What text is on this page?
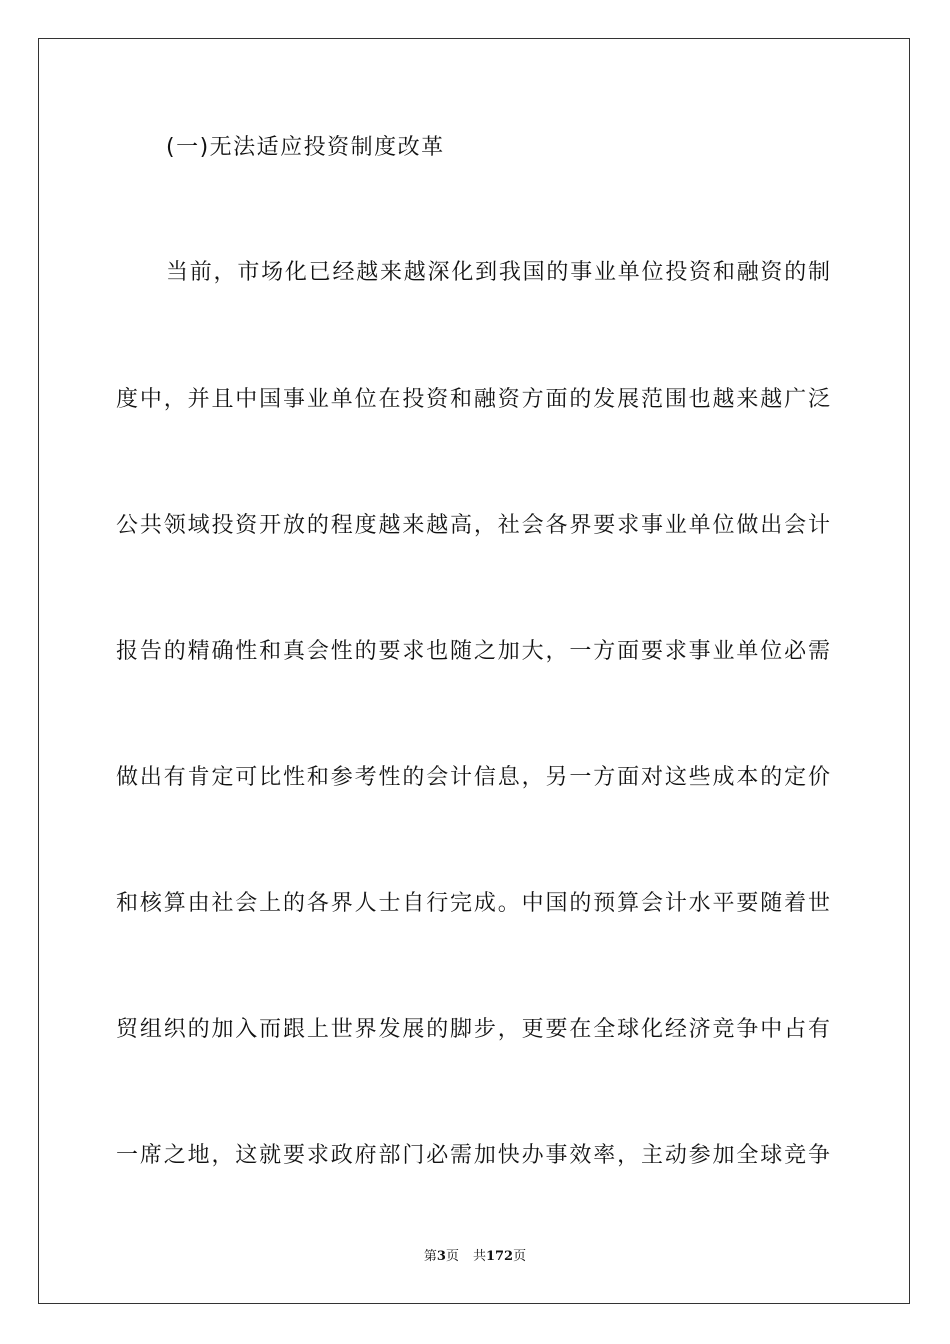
(一)无法适应投资制度改革
当前，市场化已经越来越深化到我国的事业单位投资和融资的制
度中，并且中国事业单位在投资和融资方面的发展范围也越来越广泛
公共领域投资开放的程度越来越高，社会各界要求事业单位做出会计
报告的精确性和真会性的要求也随之加大，一方面要求事业单位必需
做出有肯定可比性和参考性的会计信息，另一方面对这些成本的定价
和核算由社会上的各界人士自行完成。中国的预算会计水平要随着世
贸组织的加入而跟上世界发展的脚步，更要在全球化经济竞争中占有
一席之地，这就要求政府部门必需加快办事效率，主动参加全球竞争
第3页 共172页
